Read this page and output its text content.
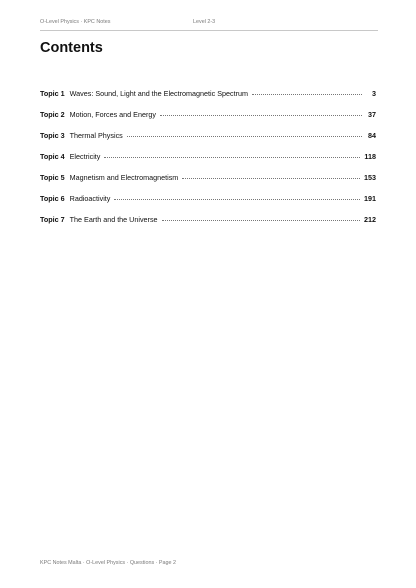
O-Level Physics · KPC Notes	Level 2-3
Contents
Topic 1 Waves: Sound, Light and the Electromagnetic Spectrum	3
Topic 2 Motion, Forces and Energy	37
Topic 3 Thermal Physics	84
Topic 4 Electricity	118
Topic 5 Magnetism and Electromagnetism	153
Topic 6 Radioactivity	191
Topic 7 The Earth and the Universe	212
KPC Notes Malta · O-Level Physics · Questions · Page 2
